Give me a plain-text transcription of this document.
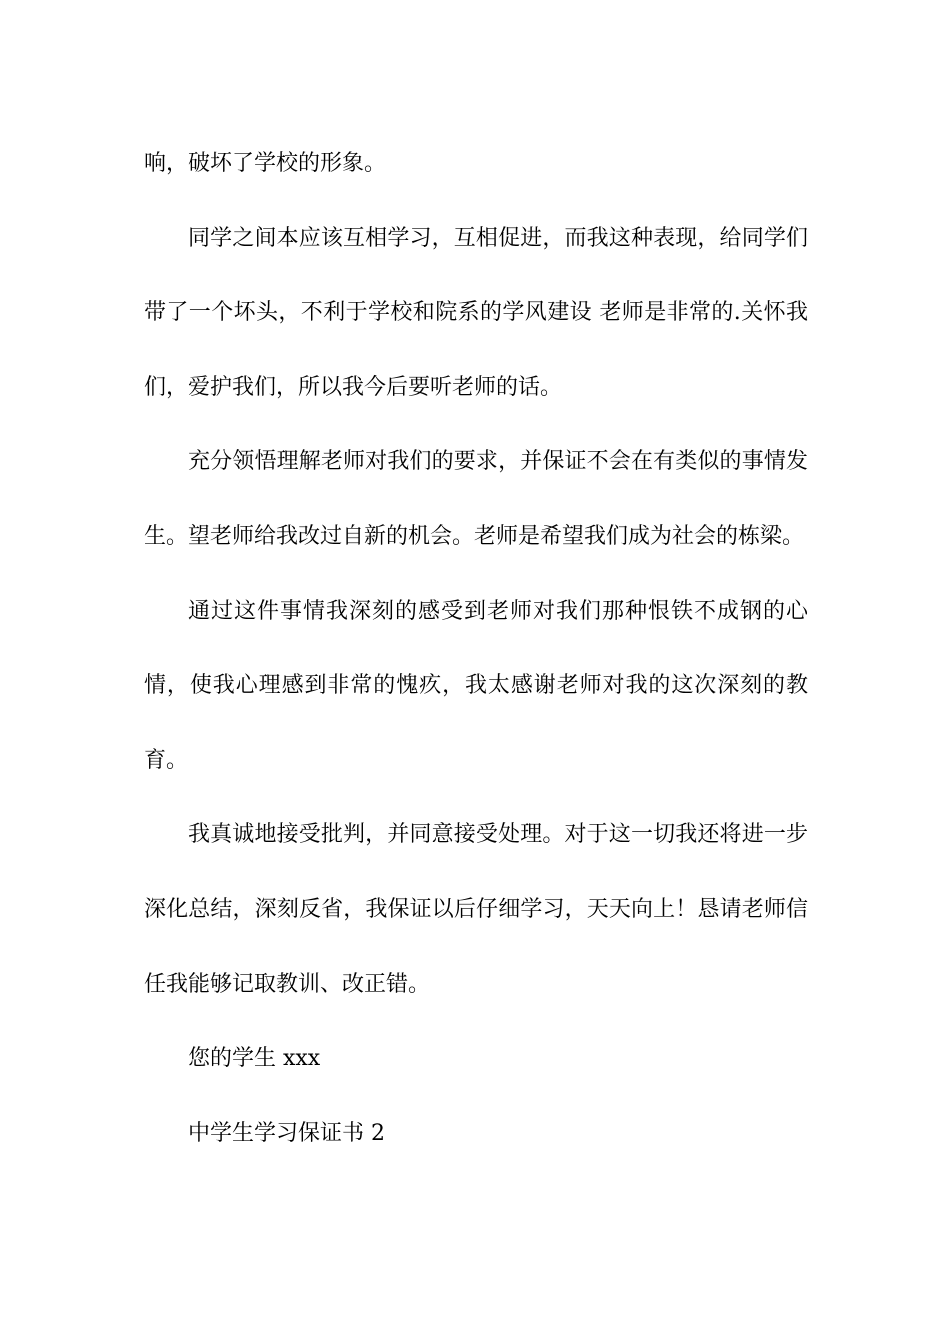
响，破坏了学校的形象。

同学之间本应该互相学习，互相促进，而我这种表现，给同学们带了一个坏头，不利于学校和院系的学风建设 老师是非常的.关怀我们，爱护我们，所以我今后要听老师的话。

充分领悟理解老师对我们的要求，并保证不会在有类似的事情发生。望老师给我改过自新的机会。老师是希望我们成为社会的栋梁。

通过这件事情我深刻的感受到老师对我们那种恨铁不成钢的心情，使我心理感到非常的愧疚，我太感谢老师对我的这次深刻的教育。

我真诚地接受批判，并同意接受处理。对于这一切我还将进一步深化总结，深刻反省，我保证以后仔细学习，天天向上！恳请老师信任我能够记取教训、改正错。

您的学生 xxx

中学生学习保证书 2
